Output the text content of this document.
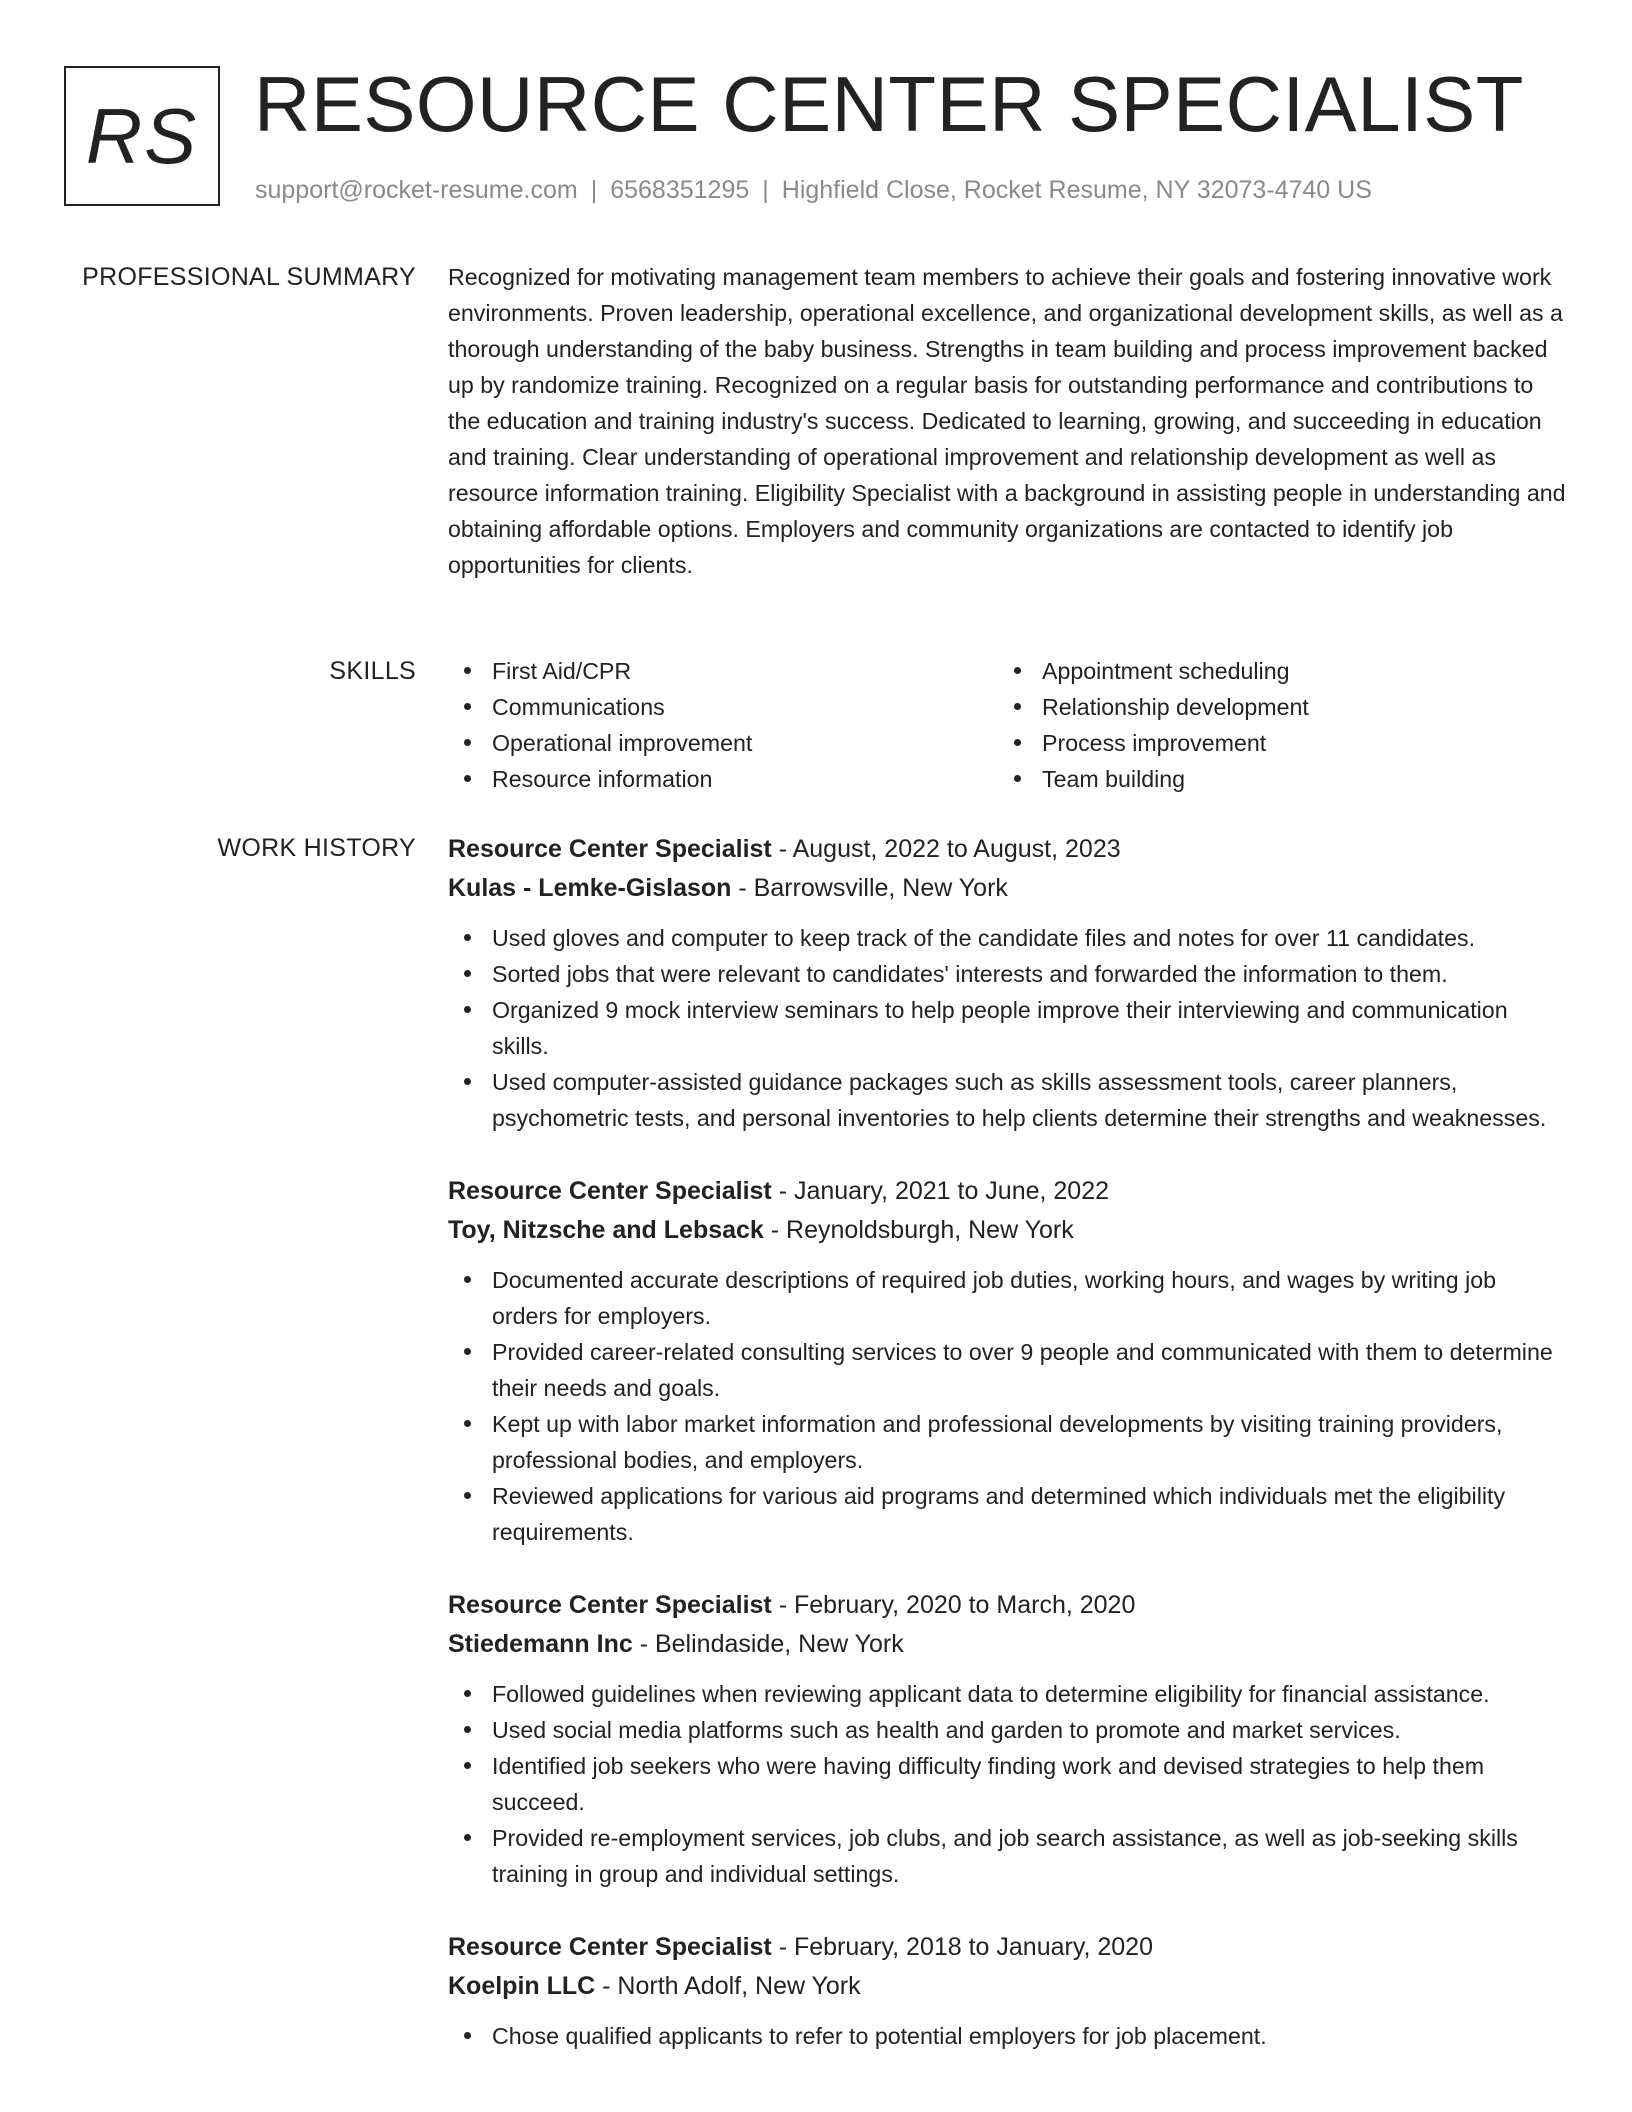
RS RESOURCE CENTER SPECIALIST
support@rocket-resume.com | 6568351295 | Highfield Close, Rocket Resume, NY 32073-4740 US
PROFESSIONAL SUMMARY Recognized for motivating management team members to achieve their goals and fostering innovative work environments. Proven leadership, operational excellence, and organizational development skills, as well as a thorough understanding of the baby business. Strengths in team building and process improvement backed up by randomize training. Recognized on a regular basis for outstanding performance and contributions to the education and training industry's success. Dedicated to learning, growing, and succeeding in education and training. Clear understanding of operational improvement and relationship development as well as resource information training. Eligibility Specialist with a background in assisting people in understanding and obtaining affordable options. Employers and community organizations are contacted to identify job opportunities for clients.

SKILLS	First Aid/CPR
Communications
Operational improvement
Resource information
Appointment scheduling
Relationship development
Process improvement
Team building
WORK HISTORY Resource Center Specialist - August, 2022 to August, 2023
Kulas - Lemke-Gislason - Barrowsville, New York
Used gloves and computer to keep track of the candidate files and notes for over 11 candidates.
Sorted jobs that were relevant to candidates' interests and forwarded the information to them.
Organized 9 mock interview seminars to help people improve their interviewing and communication skills.
Used computer-assisted guidance packages such as skills assessment tools, career planners, psychometric tests, and personal inventories to help clients determine their strengths and weaknesses.
Resource Center Specialist - January, 2021 to June, 2022
Toy, Nitzsche and Lebsack - Reynoldsburgh, New York
Documented accurate descriptions of required job duties, working hours, and wages by writing job orders for employers.
Provided career-related consulting services to over 9 people and communicated with them to determine their needs and goals.
Kept up with labor market information and professional developments by visiting training providers, professional bodies, and employers.
Reviewed applications for various aid programs and determined which individuals met the eligibility requirements.
Resource Center Specialist - February, 2020 to March, 2020
Stiedemann Inc - Belindaside, New York
Followed guidelines when reviewing applicant data to determine eligibility for financial assistance.
Used social media platforms such as health and garden to promote and market services.
Identified job seekers who were having difficulty finding work and devised strategies to help them succeed.
Provided re-employment services, job clubs, and job search assistance, as well as job-seeking skills training in group and individual settings.
Resource Center Specialist - February, 2018 to January, 2020
Koelpin LLC - North Adolf, New York
Chose qualified applicants to refer to potential employers for job placement.
